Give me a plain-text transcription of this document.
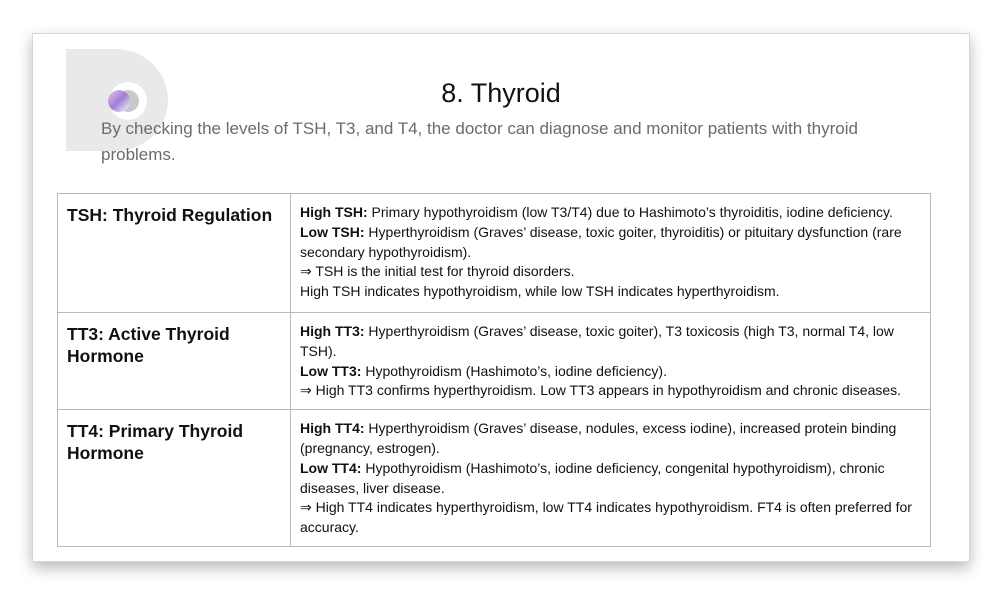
8. Thyroid
By checking the levels of TSH, T3, and T4, the doctor can diagnose and monitor patients with thyroid problems.
TSH: Thyroid Regulation	High TSH: Primary hypothyroidism (low T3/T4) due to Hashimoto’s thyroiditis, iodine deficiency.
Low TSH: Hyperthyroidism (Graves’ disease, toxic goiter, thyroiditis) or pituitary dysfunction (rare secondary hypothyroidism).
⇒ TSH is the initial test for thyroid disorders.
High TSH indicates hypothyroidism, while low TSH indicates hyperthyroidism.
TT3: Active Thyroid Hormone	High TT3: Hyperthyroidism (Graves’ disease, toxic goiter), T3 toxicosis (high T3, normal T4, low TSH).
Low TT3: Hypothyroidism (Hashimoto’s, iodine deficiency).
⇒ High TT3 confirms hyperthyroidism. Low TT3 appears in hypothyroidism and chronic diseases.
TT4: Primary Thyroid Hormone	High TT4: Hyperthyroidism (Graves’ disease, nodules, excess iodine), increased protein binding (pregnancy, estrogen).
Low TT4: Hypothyroidism (Hashimoto’s, iodine deficiency, congenital hypothyroidism), chronic diseases, liver disease.
⇒ High TT4 indicates hyperthyroidism, low TT4 indicates hypothyroidism. FT4 is often preferred for accuracy.
